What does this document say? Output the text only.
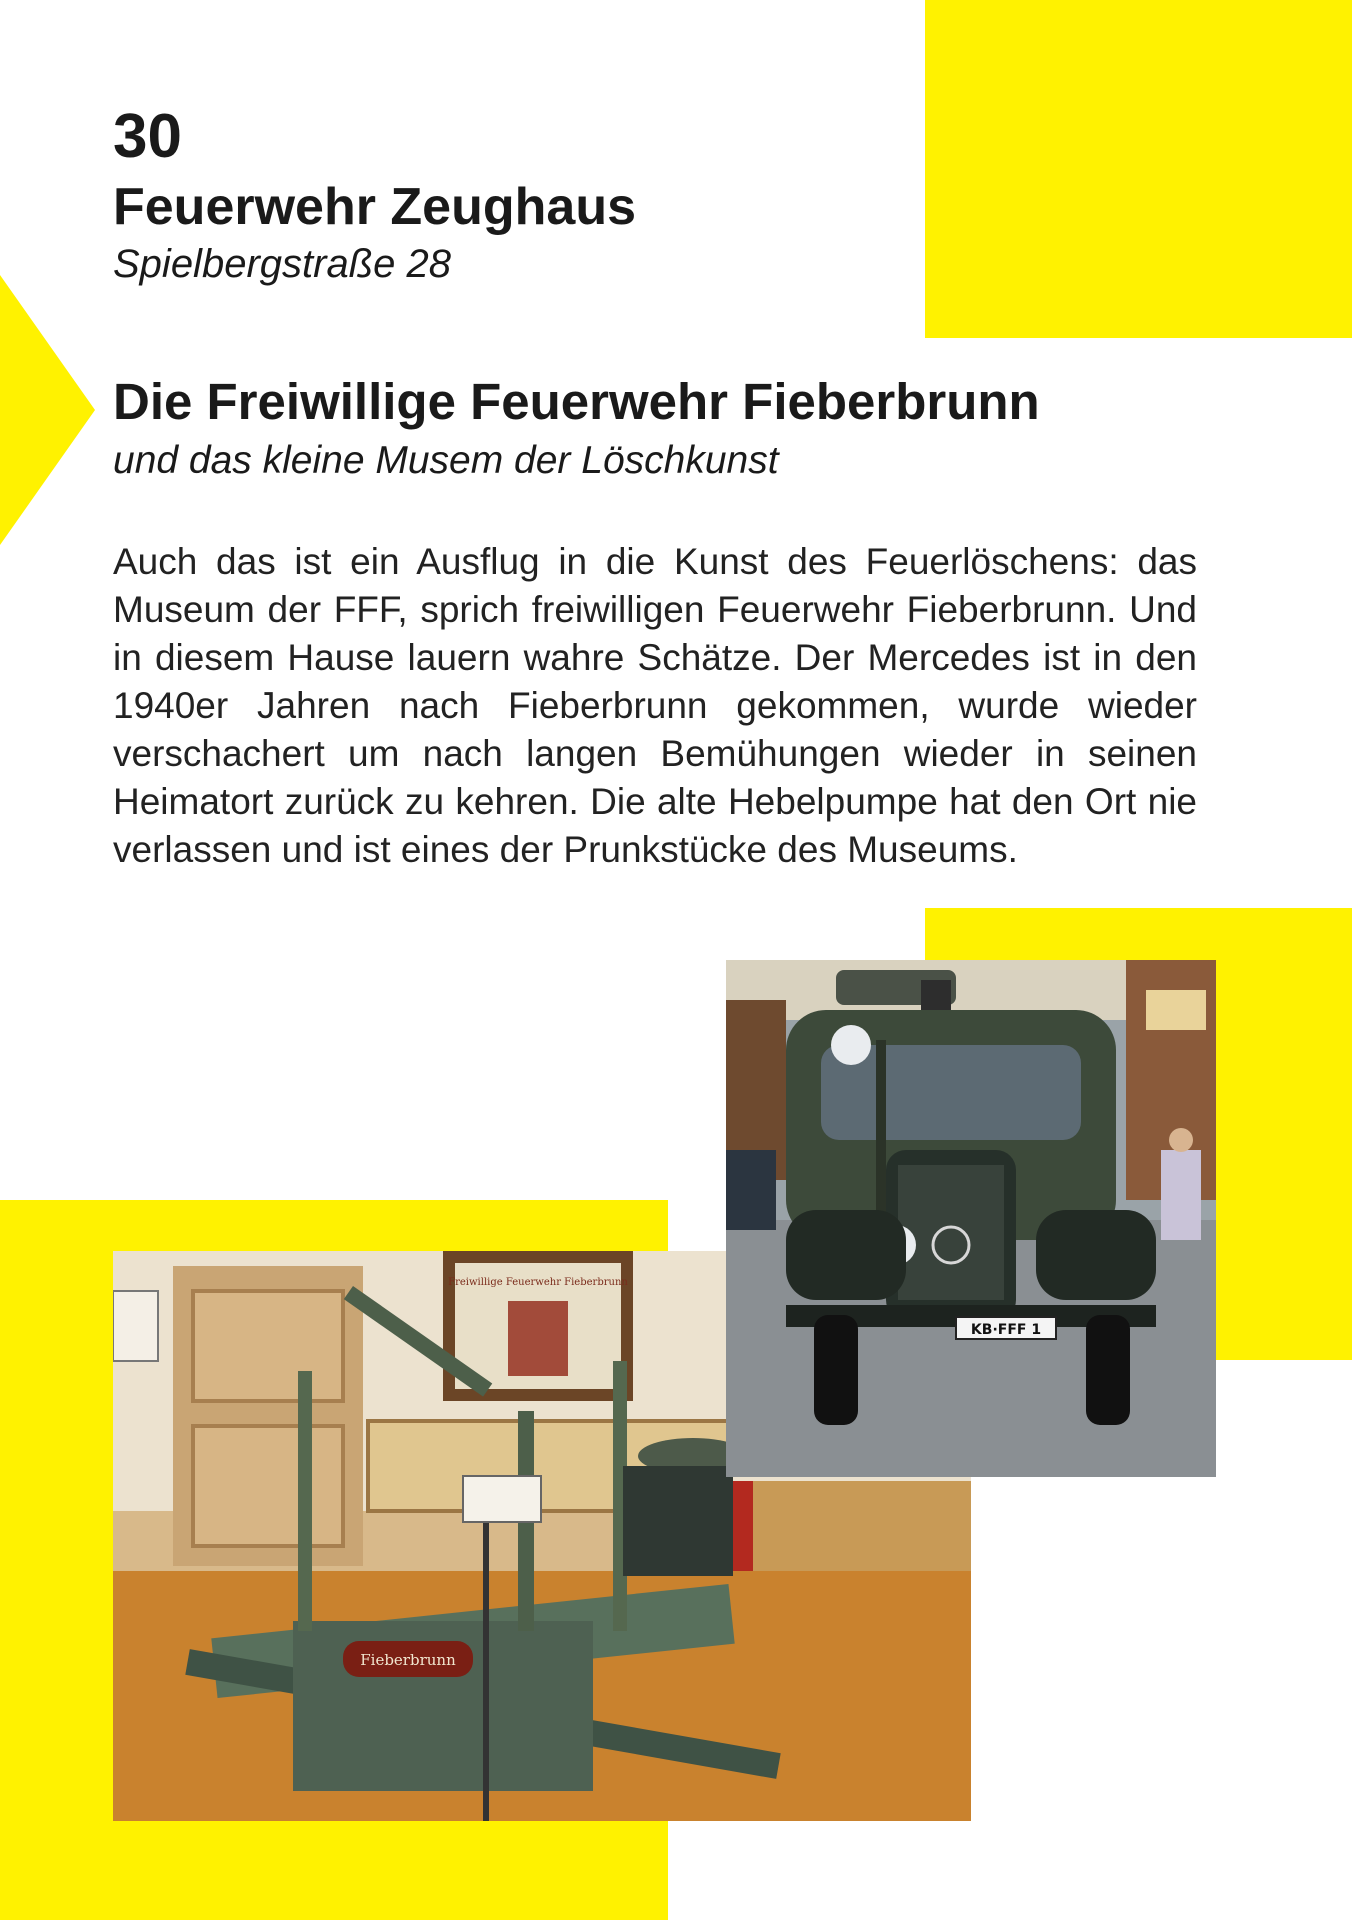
30
Feuerwehr Zeughaus

Spielbergstraße 28

Die Freiwillige Feuerwehr Fieberbrunn

und das kleine Musem der Löschkunst

Auch das ist ein Ausflug in die Kunst des Feuerlöschens: das Museum der FFF, sprich freiwilligen Feuerwehr Fieberbrunn. Und in diesem Hause lauern wahre Schätze. Der Mercedes ist in den 1940er Jahren nach Fieberbrunn gekommen, wurde wieder verschachert um nach langen Bemühungen wieder in seinen Heimatort zurück zu kehren. Die alte Hebelpumpe hat den Ort nie verlassen und ist eines der Prunkstücke des Museums.

Freiwillige Feuerwehr Fieberbrunn
Fieberbrunn
KB·FFF 1
